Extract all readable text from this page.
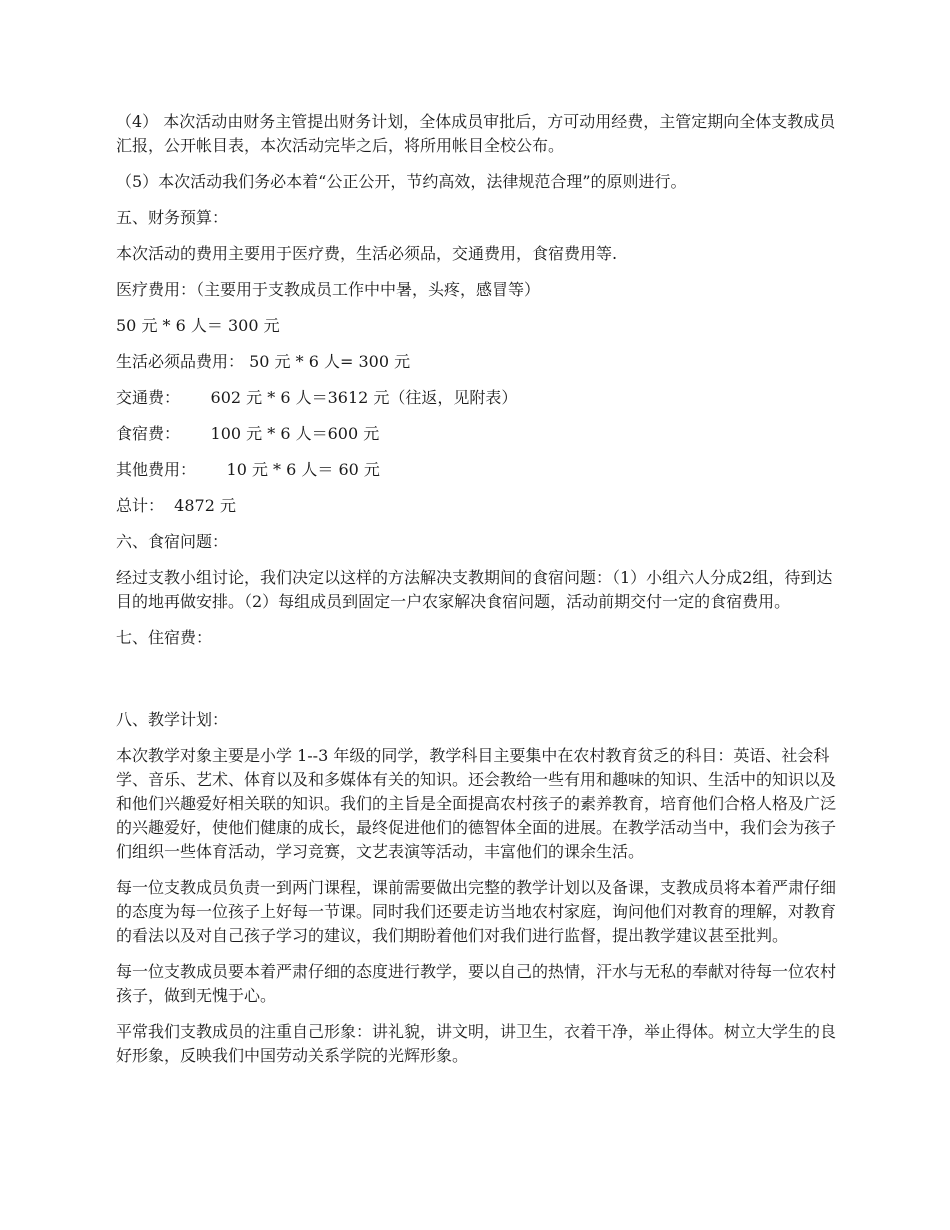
（4） 本次活动由财务主管提出财务计划，全体成员审批后，方可动用经费，主管定期向全体支教成员汇报，公开帐目表，本次活动完毕之后，将所用帐目全校公布。

（5）本次活动我们务必本着“公正公开，节约高效，法律规范合理”的原则进行。

五、财务预算：

本次活动的费用主要用于医疗费，生活必须品，交通费用，食宿费用等.

医疗费用：（主要用于支教成员工作中中暑，头疼，感冒等）

50 元 * 6 人＝ 300 元

生活必须品费用： 50 元 * 6 人= 300 元

交通费：      602 元 * 6 人＝3612 元（往返，见附表）

食宿费：      100 元 * 6 人＝600 元

其他费用：      10 元 * 6 人＝ 60 元

总计：  4872 元

六、食宿问题：

经过支教小组讨论，我们决定以这样的方法解决支教期间的食宿问题：（1）小组六人分成2组，待到达目的地再做安排。（2）每组成员到固定一户农家解决食宿问题，活动前期交付一定的食宿费用。

七、住宿费：

八、教学计划：

本次教学对象主要是小学 1--3 年级的同学，教学科目主要集中在农村教育贫乏的科目：英语、社会科学、音乐、艺术、体育以及和多媒体有关的知识。还会教给一些有用和趣味的知识、生活中的知识以及和他们兴趣爱好相关联的知识。我们的主旨是全面提高农村孩子的素养教育，培育他们合格人格及广泛的兴趣爱好，使他们健康的成长，最终促进他们的德智体全面的进展。在教学活动当中，我们会为孩子们组织一些体育活动，学习竞赛，文艺表演等活动，丰富他们的课余生活。

每一位支教成员负责一到两门课程，课前需要做出完整的教学计划以及备课，支教成员将本着严肃仔细的态度为每一位孩子上好每一节课。同时我们还要走访当地农村家庭，询问他们对教育的理解，对教育的看法以及对自己孩子学习的建议，我们期盼着他们对我们进行监督，提出教学建议甚至批判。

每一位支教成员要本着严肃仔细的态度进行教学，要以自己的热情，汗水与无私的奉献对待每一位农村孩子，做到无愧于心。

平常我们支教成员的注重自己形象：讲礼貌，讲文明，讲卫生，衣着干净，举止得体。树立大学生的良好形象，反映我们中国劳动关系学院的光辉形象。
